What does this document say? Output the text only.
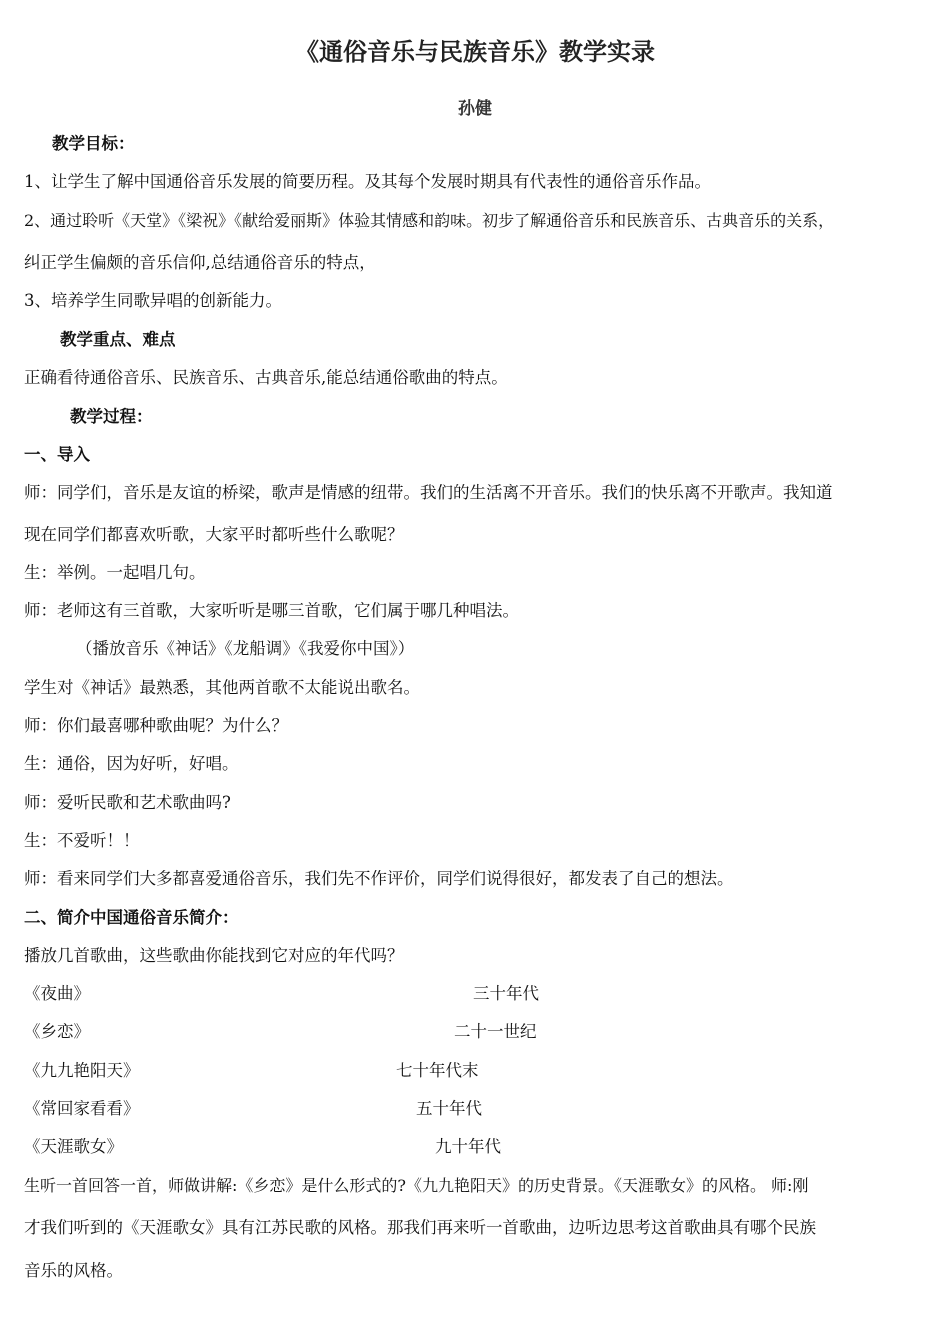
《通俗音乐与民族音乐》教学实录
孙健
教学目标：
1、让学生了解中国通俗音乐发展的简要历程。及其每个发展时期具有代表性的通俗音乐作品。
2、通过聆听《天堂》《梁祝》《献给爱丽斯》体验其情感和韵味。初步了解通俗音乐和民族音乐、古典音乐的关系，
纠正学生偏颇的音乐信仰,总结通俗音乐的特点，
3、培养学生同歌异唱的创新能力。
教学重点、难点
正确看待通俗音乐、民族音乐、古典音乐,能总结通俗歌曲的特点。
教学过程：
一、导入
师：同学们，音乐是友谊的桥梁，歌声是情感的纽带。我们的生活离不开音乐。我们的快乐离不开歌声。我知道
现在同学们都喜欢听歌，大家平时都听些什么歌呢？
生：举例。一起唱几句。
师：老师这有三首歌，大家听听是哪三首歌，它们属于哪几种唱法。
（播放音乐《神话》《龙船调》《我爱你中国》）
学生对《神话》最熟悉，其他两首歌不太能说出歌名。
师：你们最喜哪种歌曲呢？为什么？
生：通俗，因为好听，好唱。
师：爱听民歌和艺术歌曲吗?
生：不爱听！！
师：看来同学们大多都喜爱通俗音乐，我们先不作评价，同学们说得很好，都发表了自己的想法。
二、简介中国通俗音乐简介：
播放几首歌曲，这些歌曲你能找到它对应的年代吗？
《夜曲》	三十年代
《乡恋》	二十一世纪
《九九艳阳天》	七十年代末
《常回家看看》	五十年代
《天涯歌女》	九十年代
生听一首回答一首，师做讲解:《乡恋》是什么形式的?《九九艳阳天》的历史背景。《天涯歌女》的风格。 师:刚
才我们听到的《天涯歌女》具有江苏民歌的风格。那我们再来听一首歌曲，边听边思考这首歌曲具有哪个民族
音乐的风格。
